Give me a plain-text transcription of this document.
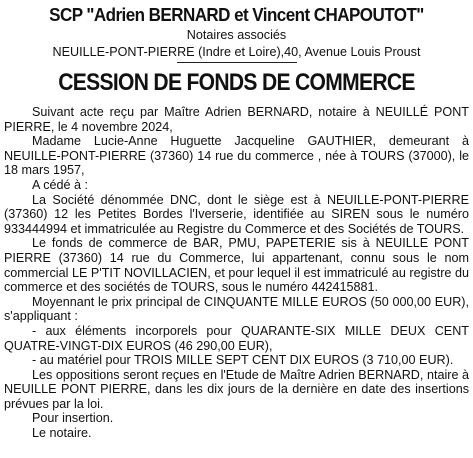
SCP "Adrien BERNARD et Vincent CHAPOUTOT"
Notaires associés
NEUILLE-PONT-PIERRE (Indre et Loire),40, Avenue Louis Proust
CESSION DE FONDS DE COMMERCE

Suivant acte reçu par Maître Adrien BERNARD, notaire à NEUILLÉ PONT PIERRE, le 4 novembre 2024,

Madame Lucie-Anne Huguette Jacqueline GAUTHIER, demeurant à NEUILLE-PONT-PIERRE (37360) 14 rue du commerce , née à TOURS (37000), le 18 mars 1957,

A cédé à :

La Société dénommée DNC, dont le siège est à NEUILLE-PONT-PIERRE (37360) 12 les Petites Bordes l'Iverserie, identifiée au SIREN sous le numéro 933444994 et immatriculée au Registre du Commerce et des Sociétés de TOURS.

Le fonds de commerce de BAR, PMU, PAPETERIE sis à NEUILLE PONT PIERRE (37360) 14 rue du Commerce, lui appartenant, connu sous le nom commercial LE P'TIT NOVILLACIEN, et pour lequel il est immatriculé au registre du commerce et des sociétés de TOURS, sous le numéro 442415881.

Moyennant le prix principal de CINQUANTE MILLE EUROS (50 000,00 EUR), s'appliquant :

- aux éléments incorporels pour QUARANTE-SIX MILLE DEUX CENT QUATRE-VINGT-DIX EUROS (46 290,00 EUR),

- au matériel pour TROIS MILLE SEPT CENT DIX EUROS (3 710,00 EUR).

Les oppositions seront reçues en l'Etude de Maître Adrien BERNARD, ntaire à NEUILLE PONT PIERRE, dans les dix jours de la dernière en date des insertions prévues par la loi.

Pour insertion.

Le notaire.
